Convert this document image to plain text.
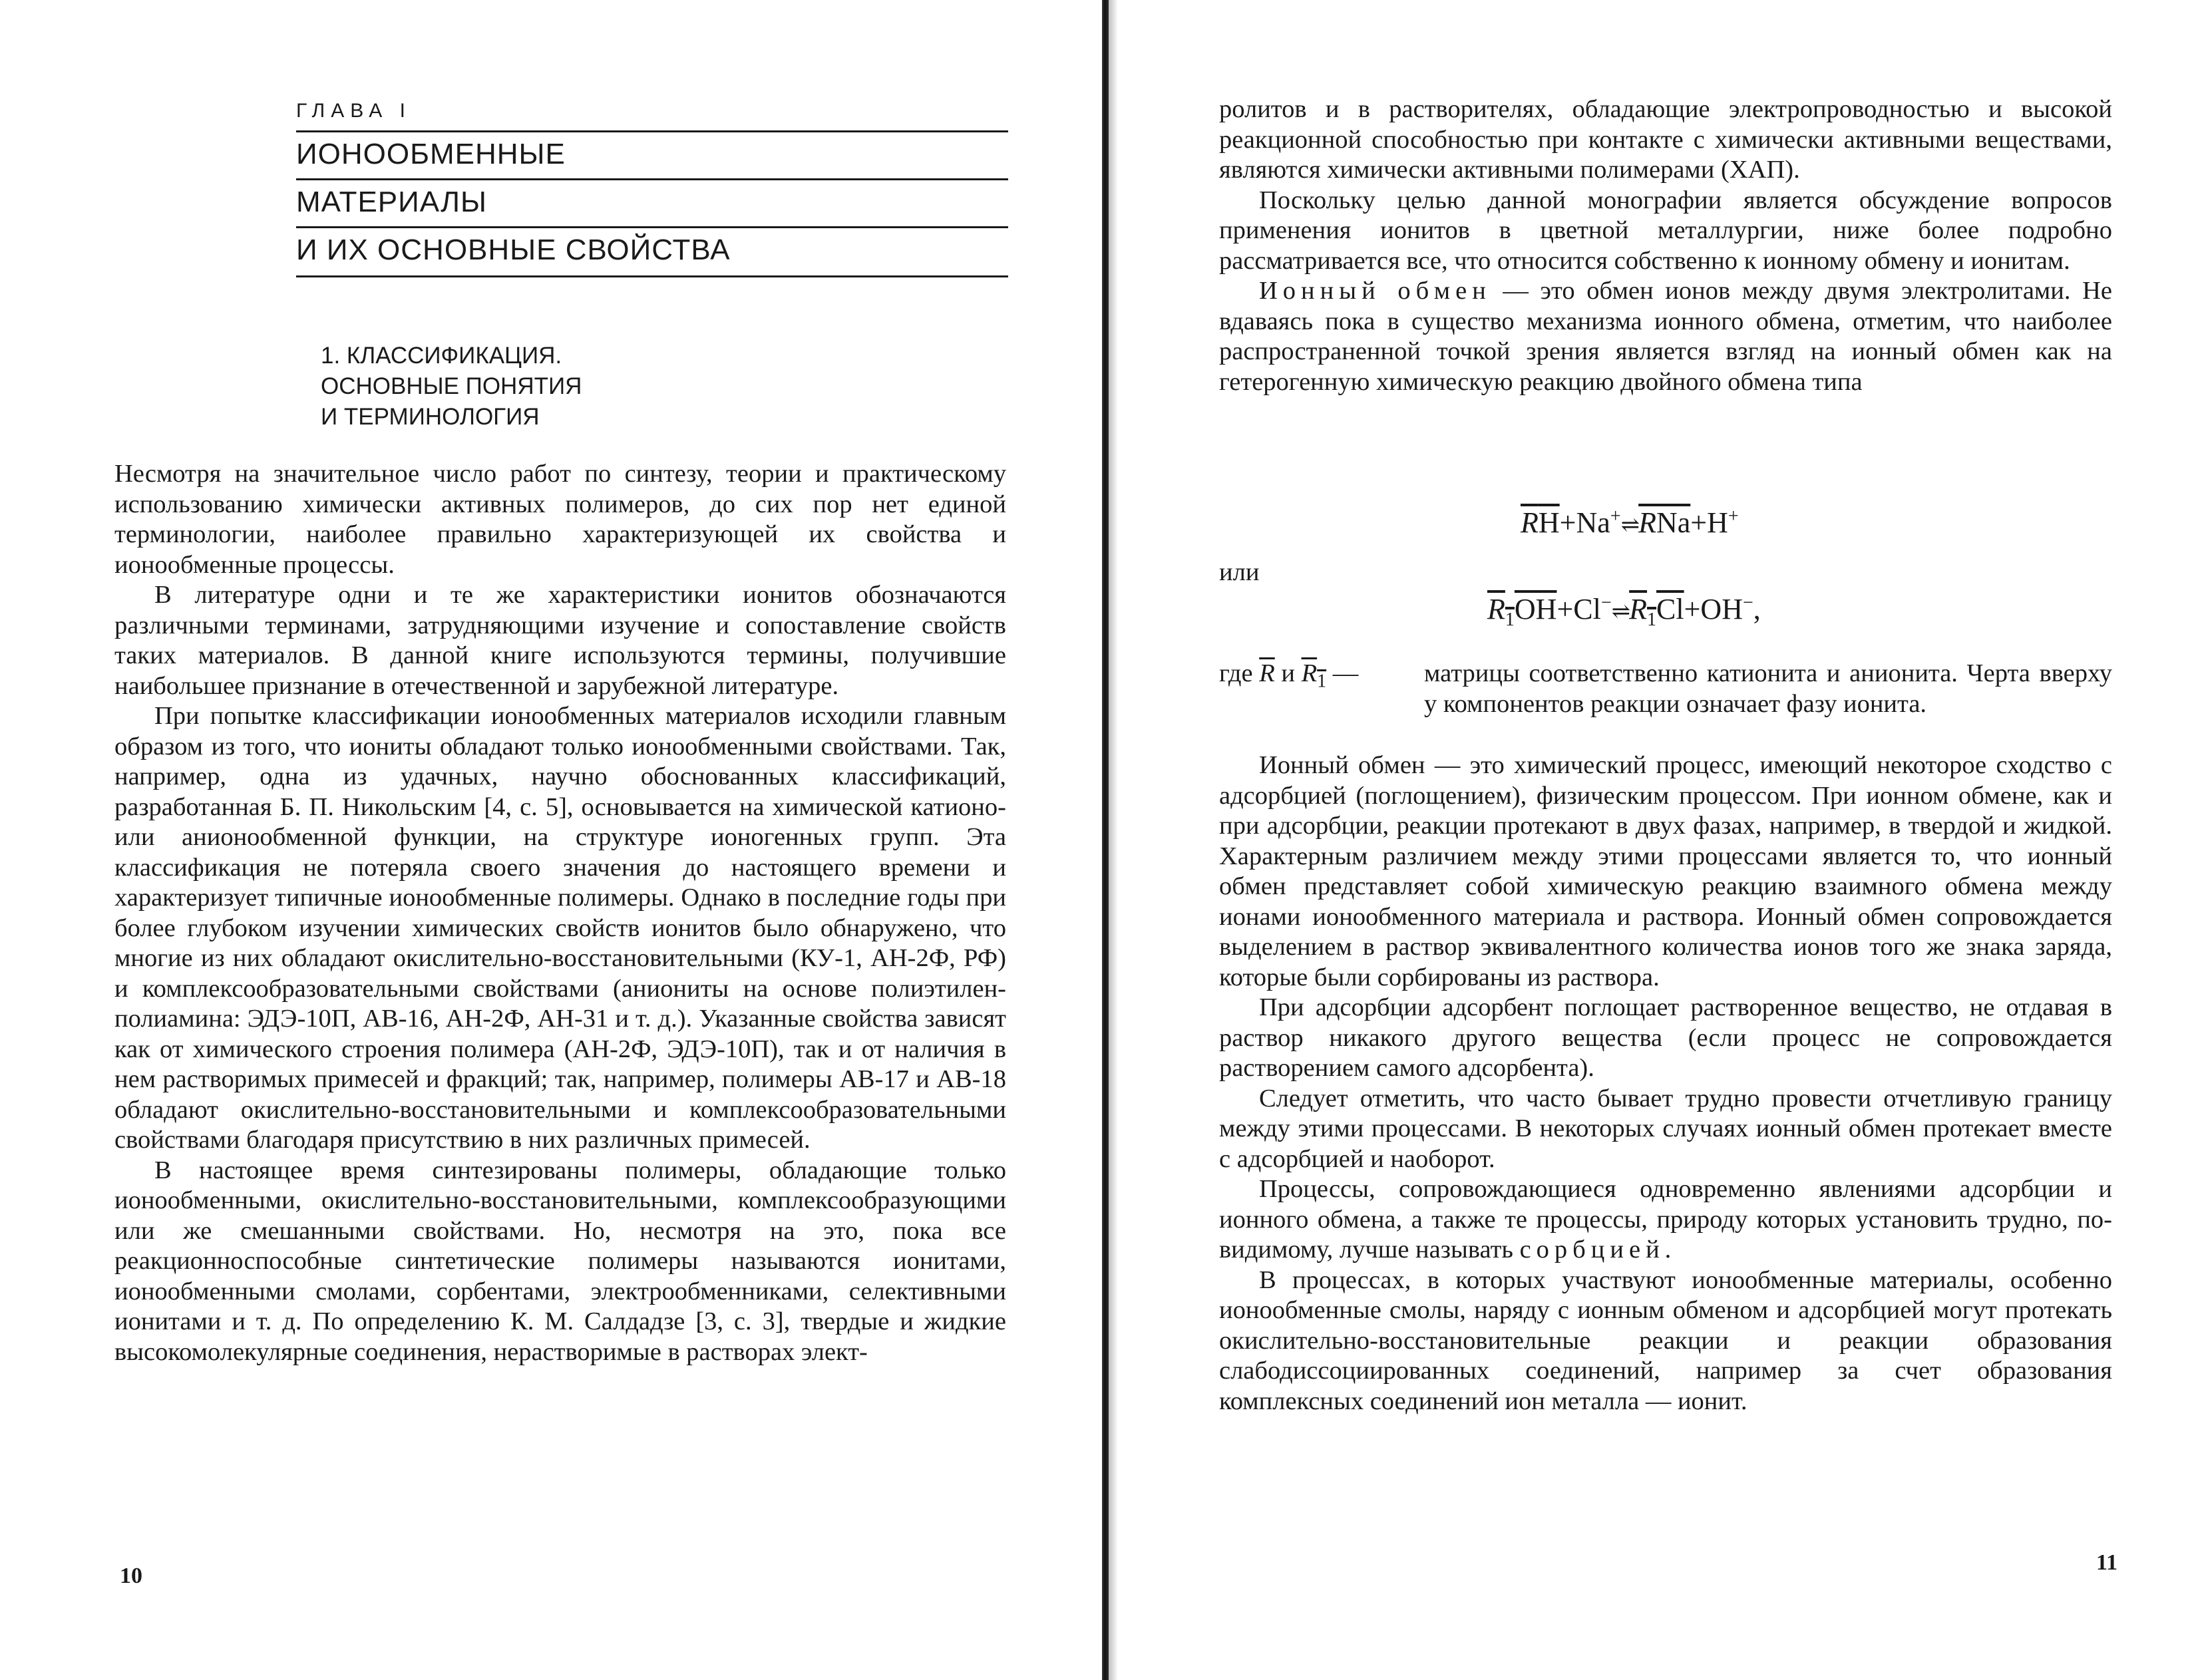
ГЛАВА I
ИОНООБМЕННЫЕ
МАТЕРИАЛЫ
И ИХ ОСНОВНЫЕ СВОЙСТВА
1. КЛАССИФИКАЦИЯ.
ОСНОВНЫЕ ПОНЯТИЯ
И ТЕРМИНОЛОГИЯ

Несмотря на значительное число работ по синтезу, теории и практическому использованию химически активных полимеров, до сих пор нет единой терминологии, наиболее правильно характеризующей их свойства и ионообменные процессы.

В литературе одни и те же характеристики ионитов обозначаются различными терминами, затрудняющими изучение и сопоставление свойств таких материалов. В данной книге используются термины, получившие наибольшее признание в отечественной и зарубежной литературе.

При попытке классификации ионообменных материалов исходили главным образом из того, что иониты обладают только ионообменными свойствами. Так, например, одна из удачных, научно обоснованных классификаций, разработанная Б. П. Никольским [4, с. 5], основывается на химической катионо- или анионообменной функции, на структуре ионогенных групп. Эта классификация не потеряла своего значения до настоящего времени и характеризует типичные ионообменные полимеры. Однако в последние годы при более глубоком изучении химических свойств ионитов было обнаружено, что многие из них обладают окислительно-восстановительными (КУ-1, АН-2Ф, РФ) и комплексообразовательными свойствами (аниониты на основе полиэтилен-полиамина: ЭДЭ-10П, АВ-16, АН-2Ф, АН-31 и т. д.). Указанные свойства зависят как от химического строения полимера (АН-2Ф, ЭДЭ-10П), так и от наличия в нем растворимых примесей и фракций; так, например, полимеры АВ-17 и АВ-18 обладают окислительно-восстановительными и комплексообразовательными свойствами благодаря присутствию в них различных примесей.

В настоящее время синтезированы полимеры, обладающие только ионообменными, окислительно-восстановительными, комплексообразующими или же смешанными свойствами. Но, несмотря на это, пока все реакционноспособные синтетические полимеры называются ионитами, ионообменными смолами, сорбентами, электрообменниками, селективными ионитами и т. д. По определению К. М. Салдадзе [3, с. 3], твердые и жидкие высокомолекулярные соединения, нерастворимые в растворах элект-

10

ролитов и в растворителях, обладающие электропроводностью и высокой реакционной способностью при контакте с химически активными веществами, являются химически активными полимерами (ХАП).

Поскольку целью данной монографии является обсуждение вопросов применения ионитов в цветной металлургии, ниже более подробно рассматривается все, что относится собственно к ионному обмену и ионитам.

Ионный обмен — это обмен ионов между двумя электролитами. Не вдаваясь пока в существо механизма ионного обмена, отметим, что наиболее распространенной точкой зрения является взгляд на ионный обмен как на гетерогенную химическую реакцию двойного обмена типа

RH+Na+⇌RNa+H+
или
$R_1OH+Cl^-\rightleftharpoons R_1Cl+OH^-$,
где $\overline{R}$ и $R_1$ —	матрицы соответственно катионита и анионита. Черта вверху у компонентов реакции означает фазу ионита.

Ионный обмен — это химический процесс, имеющий некоторое сходство с адсорбцией (поглощением), физическим процессом. При ионном обмене, как и при адсорбции, реакции протекают в двух фазах, например, в твердой и жидкой. Характерным различием между этими процессами является то, что ионный обмен представляет собой химическую реакцию взаимного обмена между ионами ионообменного материала и раствора. Ионный обмен сопровождается выделением в раствор эквивалентного количества ионов того же знака заряда, которые были сорбированы из раствора.

При адсорбции адсорбент поглощает растворенное вещество, не отдавая в раствор никакого другого вещества (если процесс не сопровождается растворением самого адсорбента).

Следует отметить, что часто бывает трудно провести отчетливую границу между этими процессами. В некоторых случаях ионный обмен протекает вместе с адсорбцией и наоборот.

Процессы, сопровождающиеся одновременно явлениями адсорбции и ионного обмена, а также те процессы, природу которых установить трудно, по-видимому, лучше называть сорбцией.

В процессах, в которых участвуют ионообменные материалы, особенно ионообменные смолы, наряду с ионным обменом и адсорбцией могут протекать окислительно-восстановительные реакции и реакции образования слабодиссоциированных соединений, например за счет образования комплексных соединений ион металла — ионит.

11
